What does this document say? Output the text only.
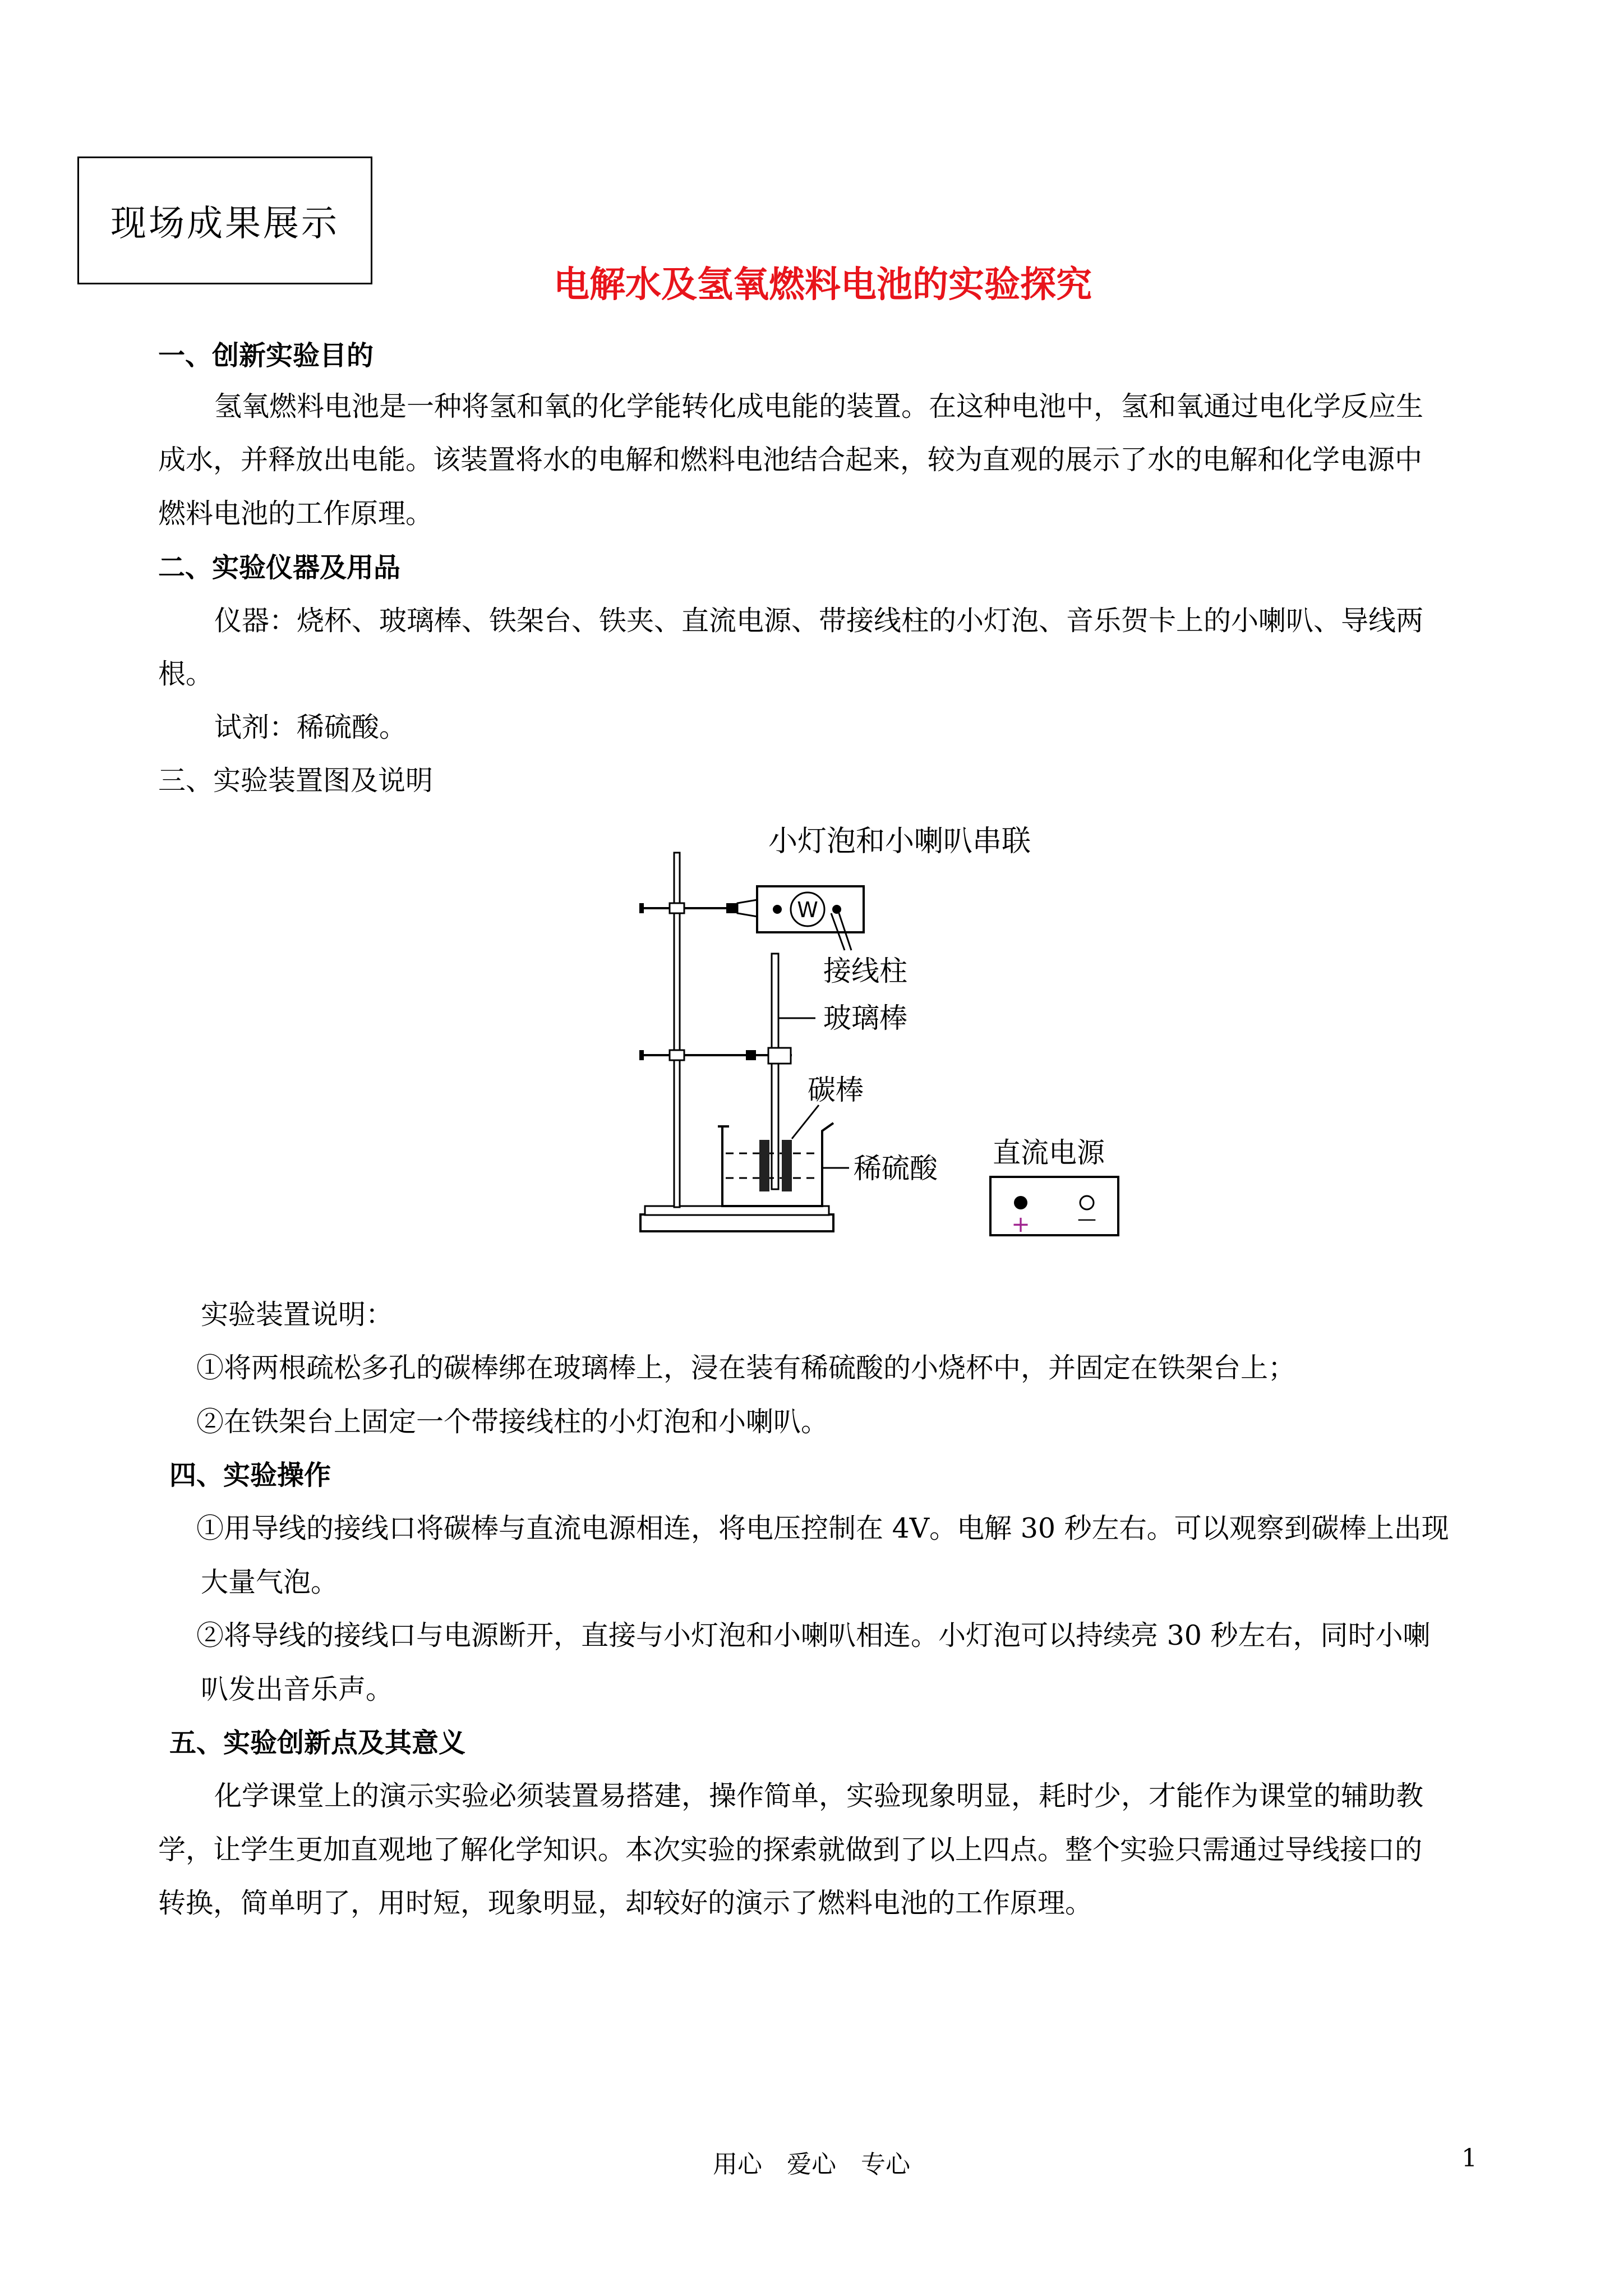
现场成果展示
电解水及氢氧燃料电池的实验探究
一、创新实验目的
氢氧燃料电池是一种将氢和氧的化学能转化成电能的装置。在这种电池中，氢和氧通过电化学反应生
成水，并释放出电能。该装置将水的电解和燃料电池结合起来，较为直观的展示了水的电解和化学电源中
燃料电池的工作原理。
二、实验仪器及用品
仪器：烧杯、玻璃棒、铁架台、铁夹、直流电源、带接线柱的小灯泡、音乐贺卡上的小喇叭、导线两
根。
试剂：稀硫酸。
三、实验装置图及说明
W
小灯泡和小喇叭串联
接线柱
玻璃棒
碳棒
稀硫酸 直流电源
+ —
实验装置说明：
①将两根疏松多孔的碳棒绑在玻璃棒上，浸在装有稀硫酸的小烧杯中，并固定在铁架台上；
②在铁架台上固定一个带接线柱的小灯泡和小喇叭。
四、实验操作
①用导线的接线口将碳棒与直流电源相连，将电压控制在 4V。电解 30 秒左右。可以观察到碳棒上出现
大量气泡。
②将导线的接线口与电源断开，直接与小灯泡和小喇叭相连。小灯泡可以持续亮 30 秒左右，同时小喇
叭发出音乐声。
五、实验创新点及其意义
化学课堂上的演示实验必须装置易搭建，操作简单，实验现象明显，耗时少，才能作为课堂的辅助教
学，让学生更加直观地了解化学知识。本次实验的探索就做到了以上四点。整个实验只需通过导线接口的
转换，简单明了，用时短，现象明显，却较好的演示了燃料电池的工作原理。
用心　爱心　专心	1
